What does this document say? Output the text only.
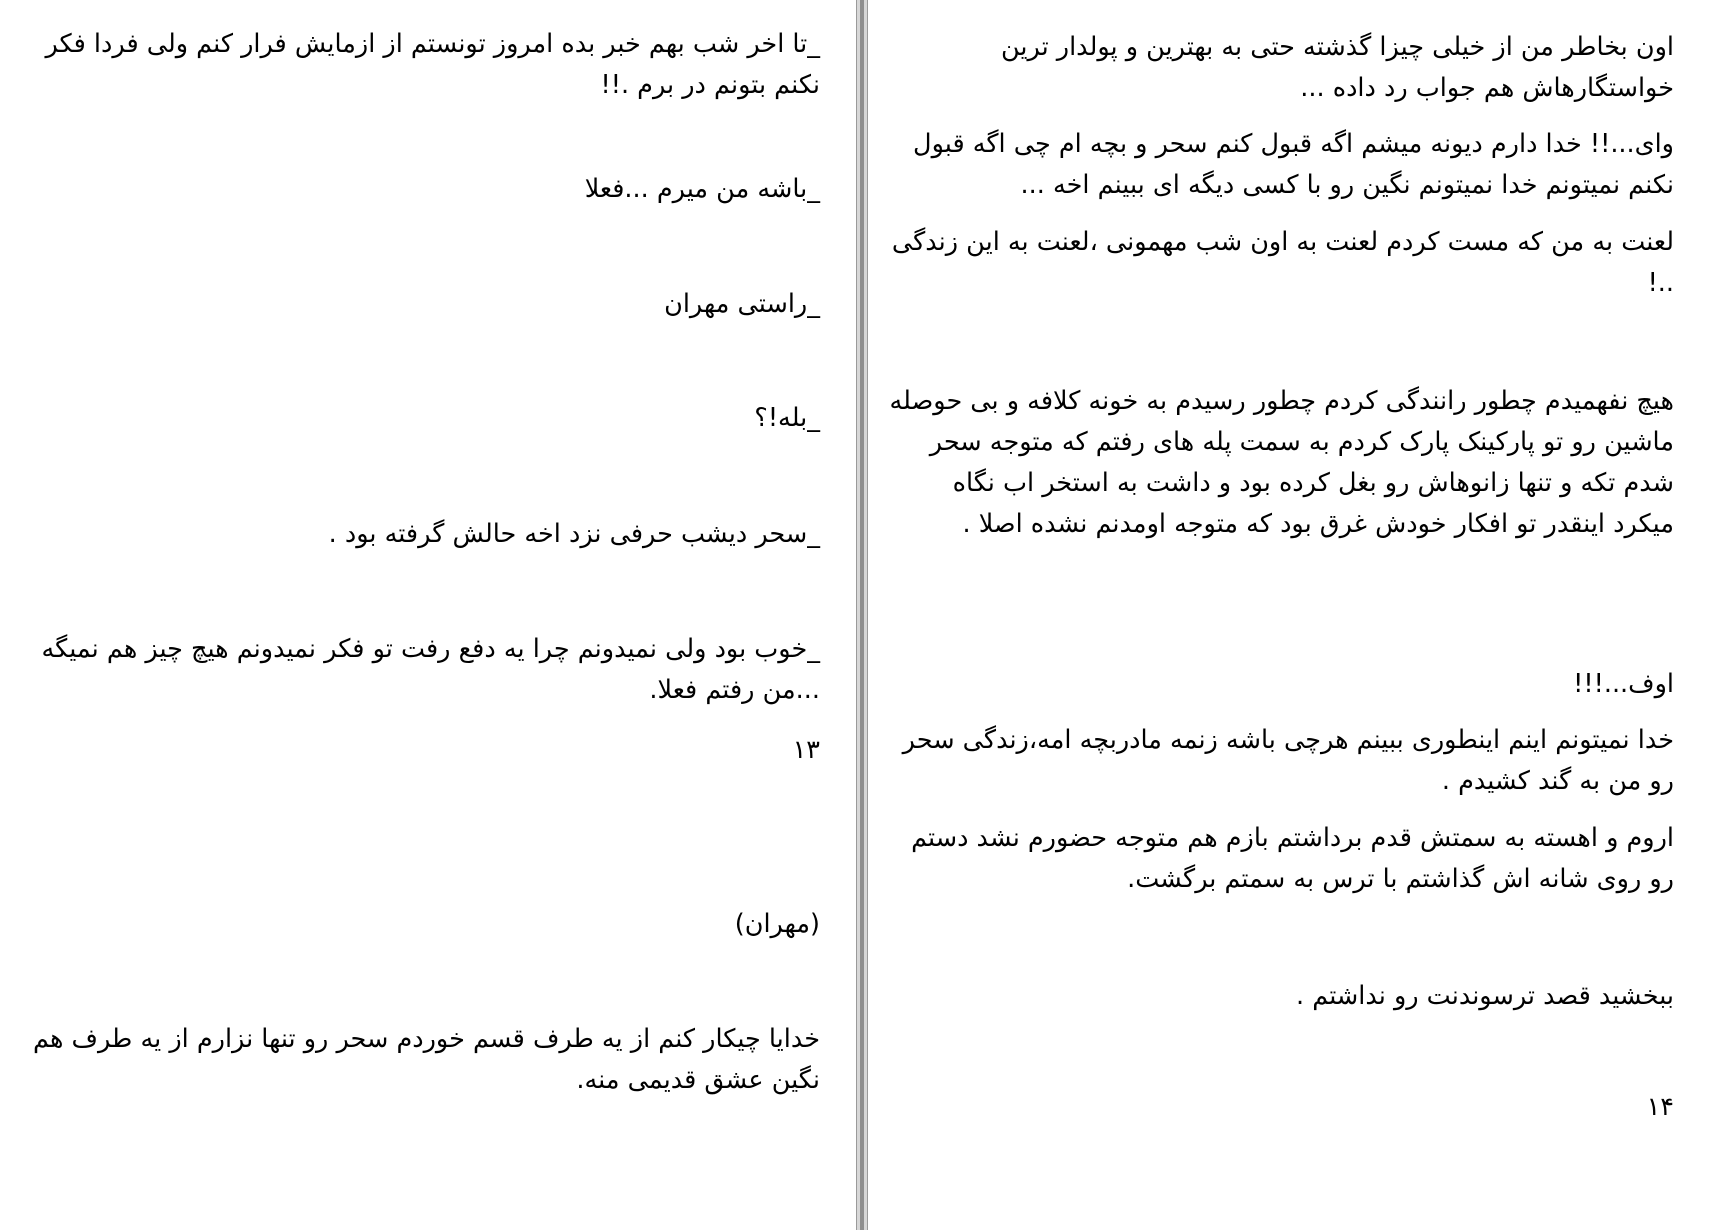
_تا اخر شب بهم خبر بده امروز تونستم از ازمایش فرار کنم ولی فردا فکر نکنم بتونم در برم .!!

_باشه من میرم ...فعلا

_راستی مهران

_بله!؟

_سحر دیشب حرفی نزد اخه حالش گرفته بود .

_خوب بود ولی نمیدونم چرا یه دفع رفت تو فکر نمیدونم هیچ چیز هم نمیگه ...من رفتم فعلا.

۱۳

(مهران)

خدایا چیکار کنم از یه طرف قسم خوردم سحر رو تنها نزارم از یه طرف هم نگین عشق قدیمی منه.

اون بخاطر من از خیلی چیزا گذشته حتی به بهترین و پولدار ترین خواستگارهاش هم جواب رد داده ...

وای...!! خدا دارم دیونه میشم اگه قبول کنم سحر و بچه ام چی اگه قبول نکنم نمیتونم خدا نمیتونم نگین رو با کسی دیگه ای ببینم اخه ...

لعنت به من که مست کردم لعنت به اون شب مهمونی ،لعنت به این زندگی ..!

هیچ نفهمیدم چطور رانندگی کردم چطور رسیدم به خونه کلافه و بی حوصله ماشین رو تو پارکینک پارک کردم به سمت پله های رفتم که متوجه سحر شدم تکه و تنها زانوهاش رو بغل کرده بود و داشت به استخر اب نگاه میکرد اینقدر تو افکار خودش غرق بود که متوجه اومدنم نشده اصلا .

اوف...!!!

خدا نمیتونم اینم اینطوری ببینم هرچی باشه زنمه مادربچه امه،زندگی سحر رو من به گند کشیدم .

اروم و اهسته به سمتش قدم برداشتم بازم هم متوجه حضورم نشد دستم رو روی شانه اش گذاشتم با ترس به سمتم برگشت.

ببخشید قصد ترسوندنت رو نداشتم .

۱۴
